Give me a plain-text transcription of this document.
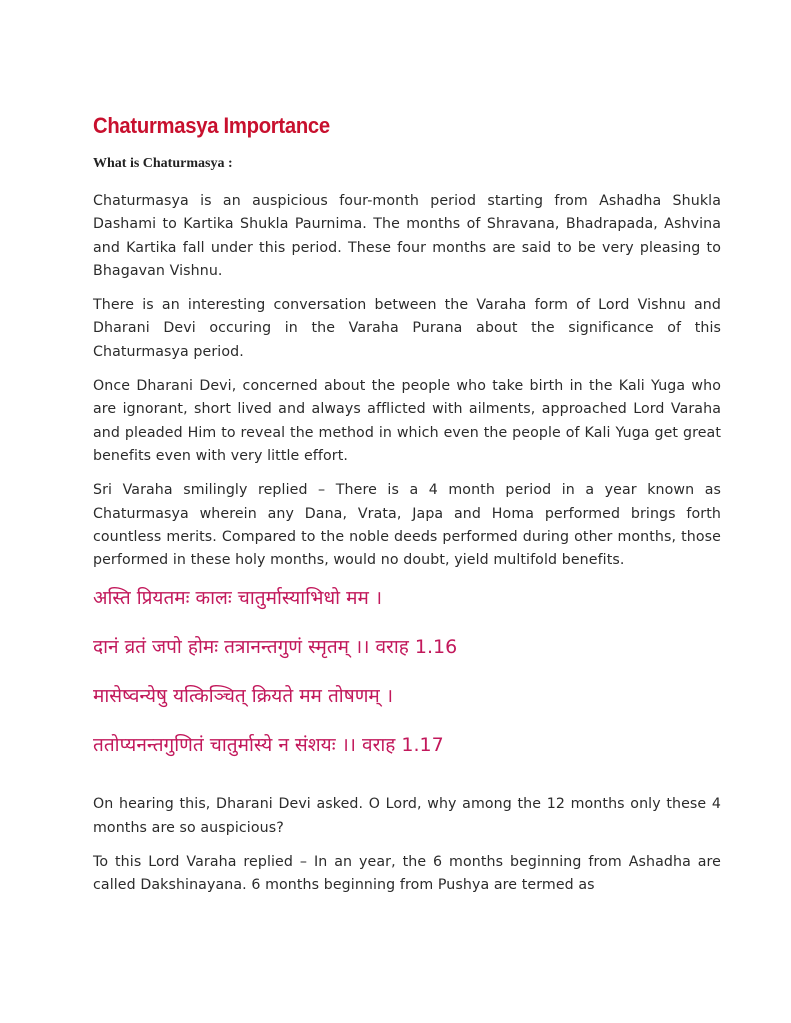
Chaturmasya Importance
What is Chaturmasya :

Chaturmasya is an auspicious four-month period starting from Ashadha Shukla Dashami to Kartika Shukla Paurnima. The months of Shravana, Bhadrapada, Ashvina and Kartika fall under this period. These four months are said to be very pleasing to Bhagavan Vishnu.

There is an interesting conversation between the Varaha form of Lord Vishnu and Dharani Devi occuring in the Varaha Purana about the significance of this Chaturmasya period.

Once Dharani Devi, concerned about the people who take birth in the Kali Yuga who are ignorant, short lived and always afflicted with ailments, approached Lord Varaha and pleaded Him to reveal the method in which even the people of Kali Yuga get great benefits even with very little effort.

Sri Varaha smilingly replied – There is a 4 month period in a year known as Chaturmasya wherein any Dana, Vrata, Japa and Homa performed brings forth countless merits. Compared to the noble deeds performed during other months, those performed in these holy months, would no doubt, yield multifold benefits.

अस्ति प्रियतमः कालः चातुर्मास्याभिधो मम ।
दानं व्रतं जपो होमः तत्रानन्तगुणं स्मृतम् ।। वराह 1.16
मासेष्वन्येषु यत्किञ्चित् क्रियते मम तोषणम् ।
ततोप्यनन्तगुणितं चातुर्मास्ये न संशयः ।। वराह 1.17

On hearing this, Dharani Devi asked. O Lord, why among the 12 months only these 4 months are so auspicious?

To this Lord Varaha replied – In an year, the 6 months beginning from Ashadha are called Dakshinayana. 6 months beginning from Pushya are termed as
